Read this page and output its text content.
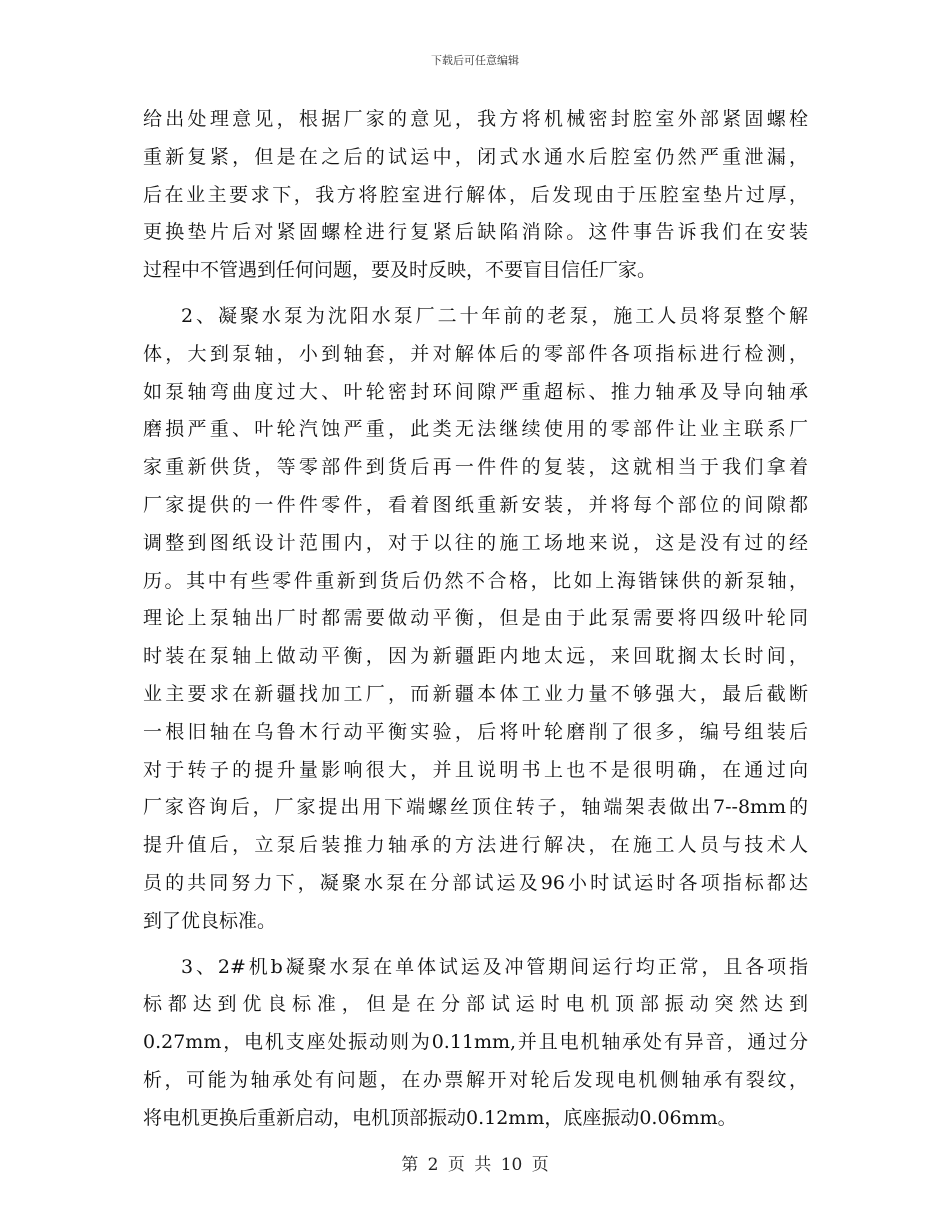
下载后可任意编辑
给出处理意见，根据厂家的意见，我方将机械密封腔室外部紧固螺栓
重新复紧，但是在之后的试运中，闭式水通水后腔室仍然严重泄漏，
后在业主要求下，我方将腔室进行解体，后发现由于压腔室垫片过厚，
更换垫片后对紧固螺栓进行复紧后缺陷消除。这件事告诉我们在安装
过程中不管遇到任何问题，要及时反映，不要盲目信任厂家。
2、凝聚水泵为沈阳水泵厂二十年前的老泵，施工人员将泵整个解
体，大到泵轴，小到轴套，并对解体后的零部件各项指标进行检测，
如泵轴弯曲度过大、叶轮密封环间隙严重超标、推力轴承及导向轴承
磨损严重、叶轮汽蚀严重，此类无法继续使用的零部件让业主联系厂
家重新供货，等零部件到货后再一件件的复装，这就相当于我们拿着
厂家提供的一件件零件，看着图纸重新安装，并将每个部位的间隙都
调整到图纸设计范围内，对于以往的施工场地来说，这是没有过的经
历。其中有些零件重新到货后仍然不合格，比如上海锴铼供的新泵轴，
理论上泵轴出厂时都需要做动平衡，但是由于此泵需要将四级叶轮同
时装在泵轴上做动平衡，因为新疆距内地太远，来回耽搁太长时间，
业主要求在新疆找加工厂，而新疆本体工业力量不够强大，最后截断
一根旧轴在乌鲁木行动平衡实验，后将叶轮磨削了很多，编号组装后
对于转子的提升量影响很大，并且说明书上也不是很明确，在通过向
厂家咨询后，厂家提出用下端螺丝顶住转子，轴端架表做出7--8mm的
提升值后，立泵后装推力轴承的方法进行解决，在施工人员与技术人
员的共同努力下，凝聚水泵在分部试运及96小时试运时各项指标都达
到了优良标准。
3、2#机b凝聚水泵在单体试运及冲管期间运行均正常，且各项指
标都达到优良标准，但是在分部试运时电机顶部振动突然达到
0.27mm，电机支座处振动则为0.11mm,并且电机轴承处有异音，通过分
析，可能为轴承处有问题，在办票解开对轮后发现电机侧轴承有裂纹，
将电机更换后重新启动，电机顶部振动0.12mm，底座振动0.06mm。
第 2 页 共 10 页
